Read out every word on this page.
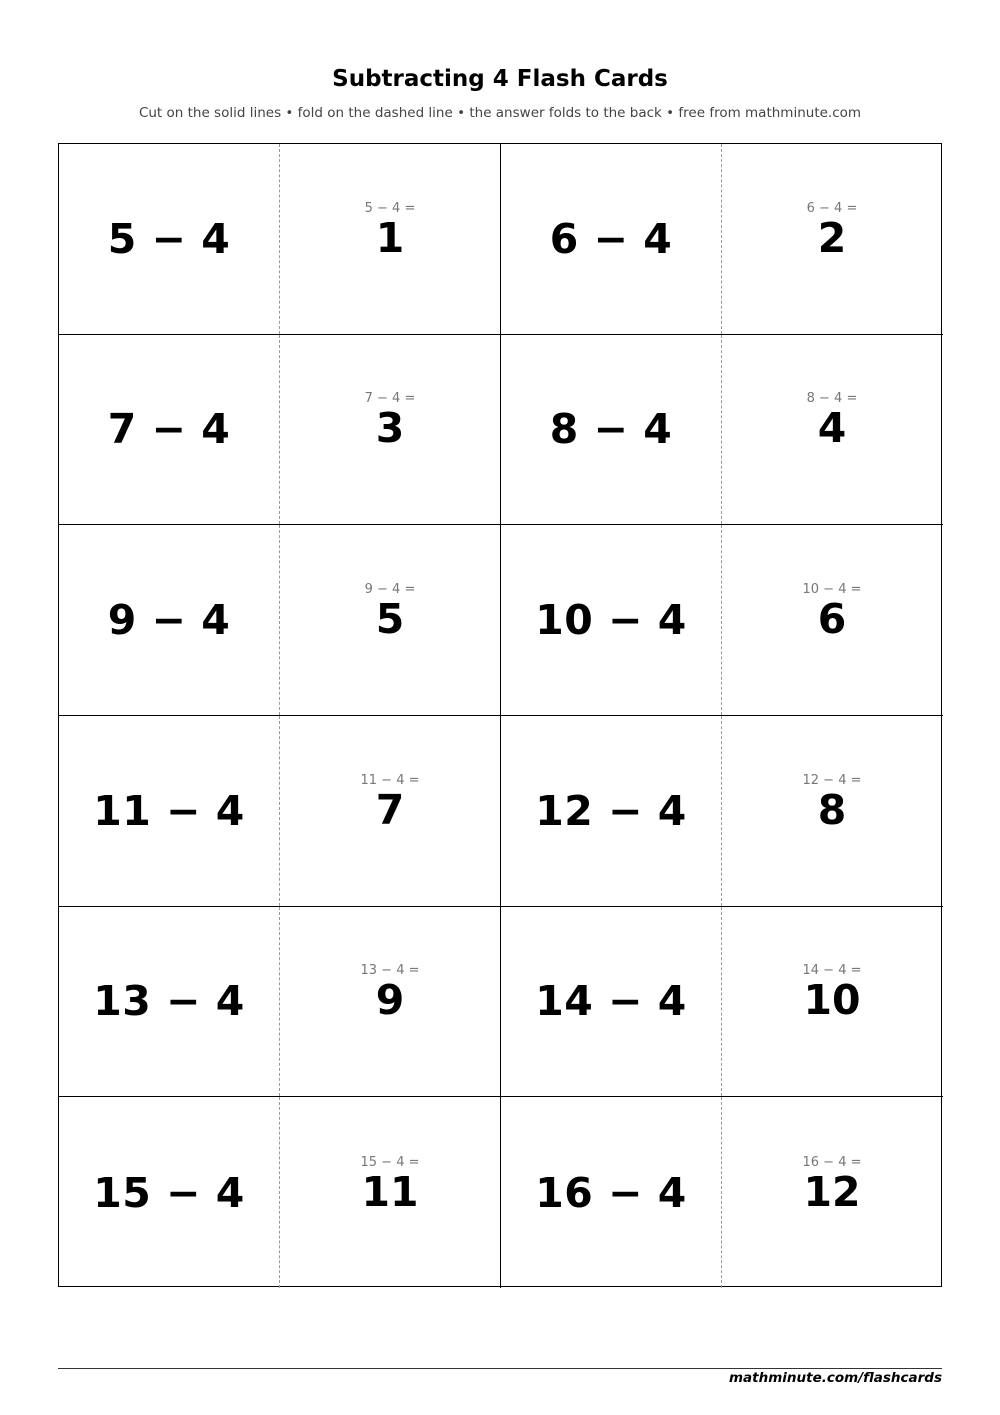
Subtracting 4 Flash Cards
Cut on the solid lines • fold on the dashed line • the answer folds to the back • free from mathminute.com
5 − 4
5 − 4 =
1	6 − 4
6 − 4 =
2
7 − 4
7 − 4 =
3	8 − 4
8 − 4 =
4
9 − 4
9 − 4 =
5	10 − 4
10 − 4 =
6
11 − 4
11 − 4 =
7	12 − 4
12 − 4 =
8
13 − 4
13 − 4 =
9	14 − 4
14 − 4 =
10
15 − 4
15 − 4 =
11	16 − 4
16 − 4 =
12
mathminute.com/flashcards
